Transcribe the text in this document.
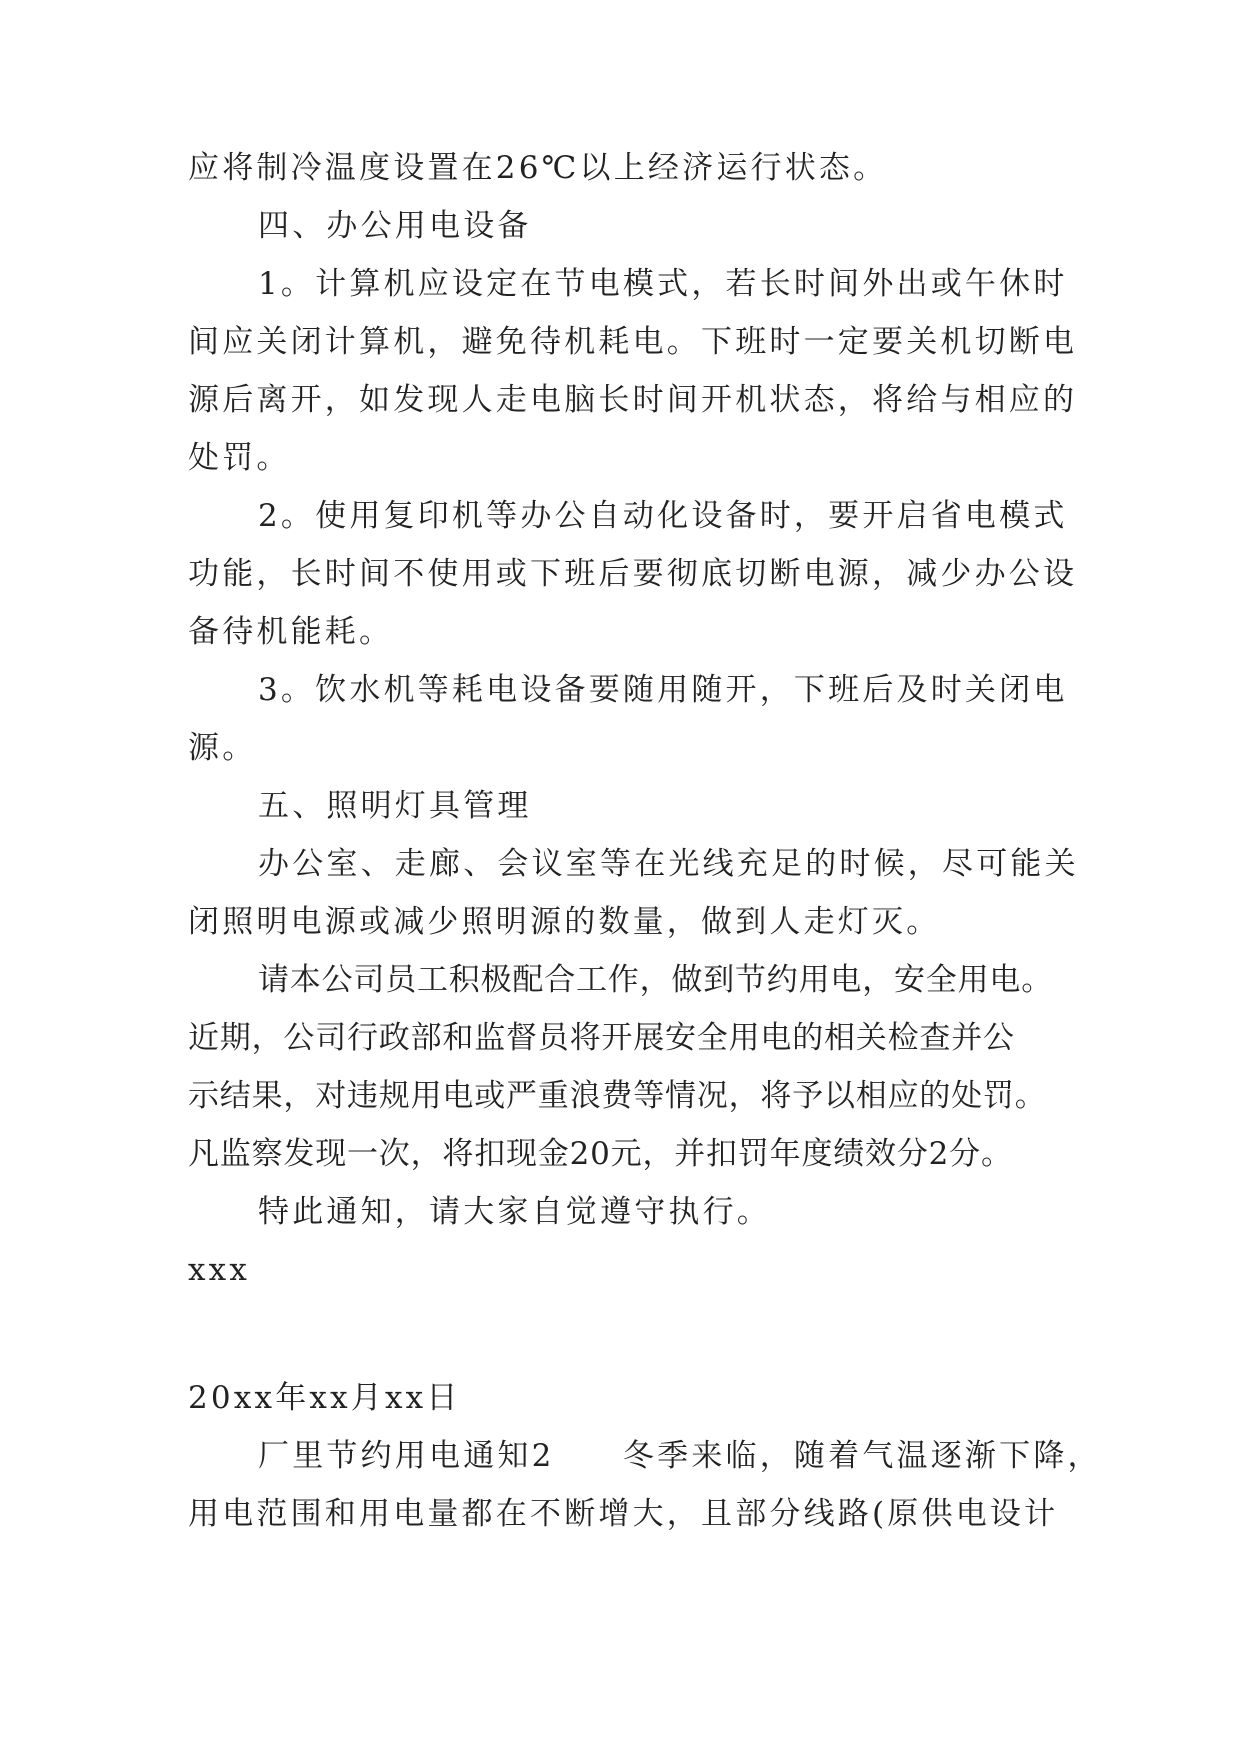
应将制冷温度设置在26℃以上经济运行状态。
四、办公用电设备
1。计算机应设定在节电模式，若长时间外出或午休时
间应关闭计算机，避免待机耗电。下班时一定要关机切断电
源后离开，如发现人走电脑长时间开机状态，将给与相应的
处罚。
2。使用复印机等办公自动化设备时，要开启省电模式
功能，长时间不使用或下班后要彻底切断电源，减少办公设
备待机能耗。
3。饮水机等耗电设备要随用随开，下班后及时关闭电
源。
五、照明灯具管理
办公室、走廊、会议室等在光线充足的时候，尽可能关
闭照明电源或减少照明源的数量，做到人走灯灭。
请本公司员工积极配合工作，做到节约用电，安全用电。
近期，公司行政部和监督员将开展安全用电的相关检查并公
示结果，对违规用电或严重浪费等情况，将予以相应的处罚。
凡监察发现一次，将扣现金20元，并扣罚年度绩效分2分。
特此通知，请大家自觉遵守执行。
xxx
20xx年xx月xx日
厂里节约用电通知2　　冬季来临，随着气温逐渐下降，
用电范围和用电量都在不断增大，且部分线路(原供电设计
